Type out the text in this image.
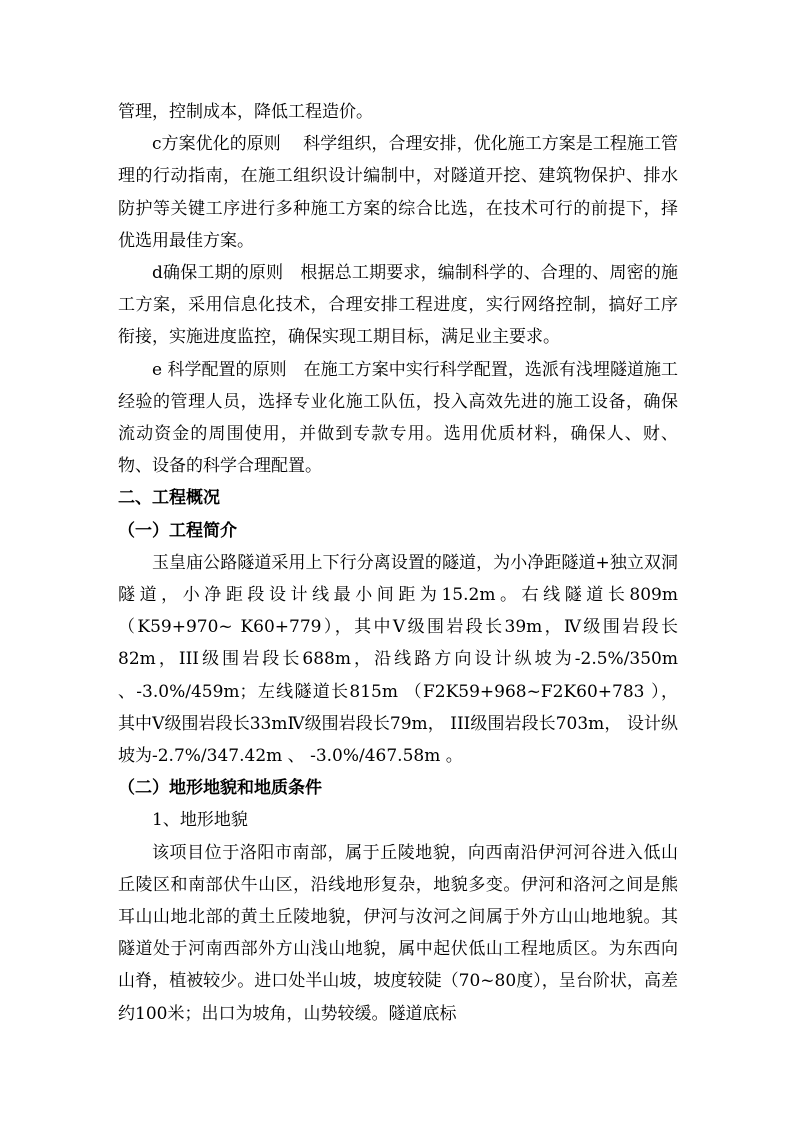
管理，控制成本，降低工程造价。

c方案优化的原则　 科学组织，合理安排，优化施工方案是工程施工管理的行动指南，在施工组织设计编制中，对隧道开挖、建筑物保护、排水防护等关键工序进行多种施工方案的综合比选，在技术可行的前提下，择优选用最佳方案。

d确保工期的原则　根据总工期要求，编制科学的、合理的、周密的施工方案，采用信息化技术，合理安排工程进度，实行网络控制，搞好工序衔接，实施进度监控，确保实现工期目标，满足业主要求。

e 科学配置的原则　在施工方案中实行科学配置，选派有浅埋隧道施工经验的管理人员，选择专业化施工队伍，投入高效先进的施工设备，确保流动资金的周围使用，并做到专款专用。选用优质材料，确保人、财、物、设备的科学合理配置。

二、工程概况

（一）工程简介

玉皇庙公路隧道采用上下行分离设置的隧道，为小净距隧道+独立双洞隧道，小净距段设计线最小间距为15.2m。右线隧道长809m（K59+970~ K60+779），其中Ⅴ级围岩段长39m，Ⅳ级围岩段长82m，III级围岩段长688m，沿线路方向设计纵坡为-2.5%/350m 、-3.0%/459m；左线隧道长815m （F2K59+968~F2K60+783 ），其中Ⅴ级围岩段长33mⅣ级围岩段长79m， III级围岩段长703m， 设计纵坡为-2.7%/347.42m 、 -3.0%/467.58m 。

（二）地形地貌和地质条件

1、地形地貌

该项目位于洛阳市南部，属于丘陵地貌，向西南沿伊河河谷进入低山丘陵区和南部伏牛山区，沿线地形复杂，地貌多变。伊河和洛河之间是熊耳山山地北部的黄土丘陵地貌，伊河与汝河之间属于外方山山地地貌。其隧道处于河南西部外方山浅山地貌，属中起伏低山工程地质区。为东西向山脊，植被较少。进口处半山坡，坡度较陡（70~80度），呈台阶状，高差约100米；出口为坡角，山势较缓。隧道底标
